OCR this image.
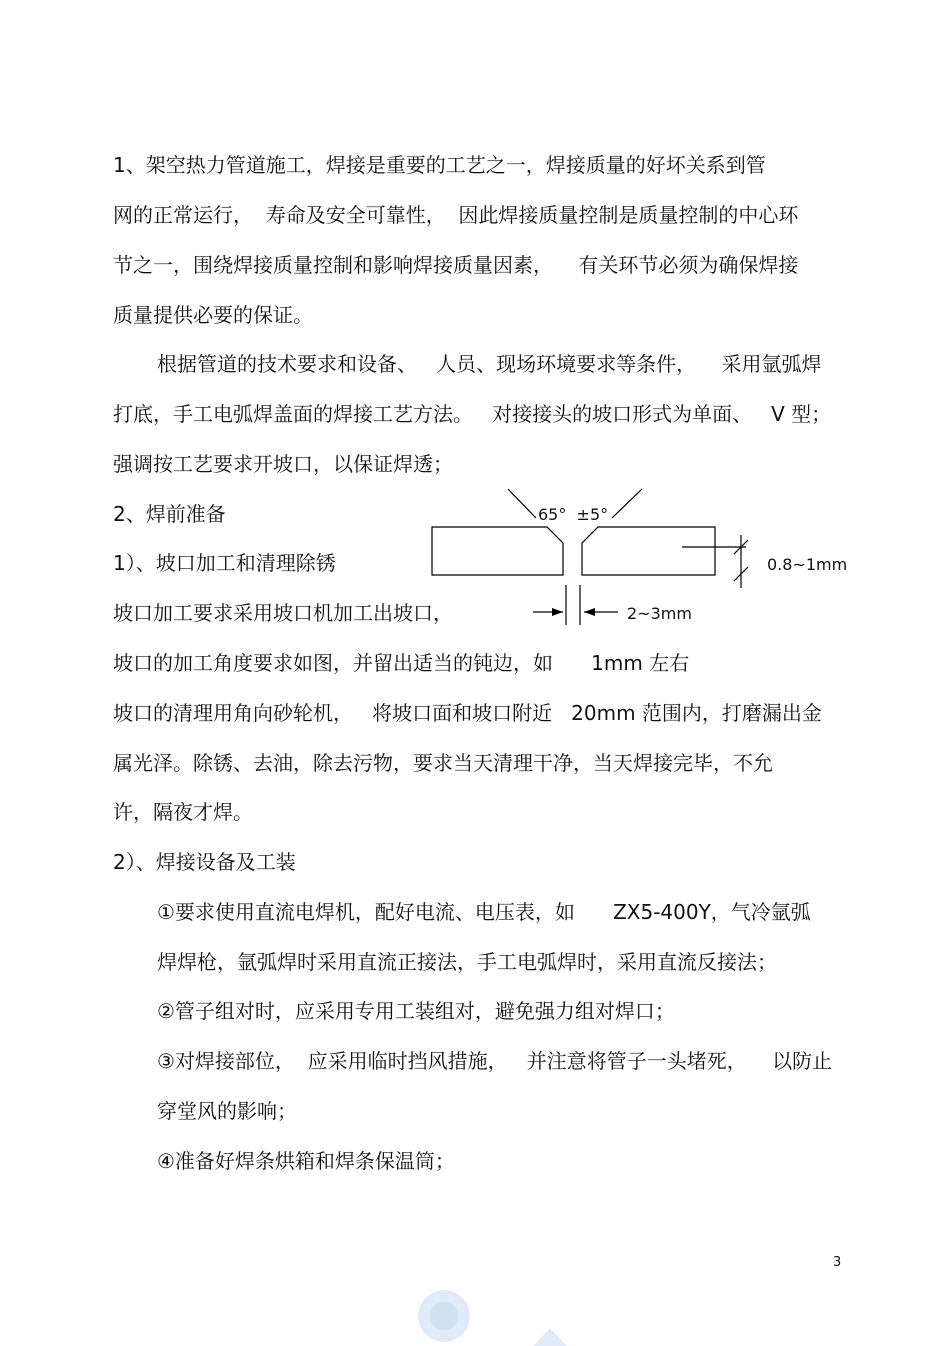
1、架空热力管道施工，焊接是重要的工艺之一，焊接质量的好坏关系到管
网的正常运行，  寿命及安全可靠性，  因此焊接质量控制是质量控制的中心环
节之一，围绕焊接质量控制和影响焊接质量因素，    有关环节必须为确保焊接
质量提供必要的保证。
根据管道的技术要求和设备、   人员、现场环境要求等条件，    采用氩弧焊
打底，手工电弧焊盖面的焊接工艺方法。   对接接头的坡口形式为单面、   V 型；
强调按工艺要求开坡口，以保证焊透；
2、焊前准备
1）、坡口加工和清理除锈
坡口加工要求采用坡口机加工出坡口，
坡口的加工角度要求如图，并留出适当的钝边，如      1mm 左右
坡口的清理用角向砂轮机，   将坡口面和坡口附近   20mm 范围内，打磨漏出金
属光泽。除锈、去油，除去污物，要求当天清理干净，当天焊接完毕，不允
许，隔夜才焊。
2）、焊接设备及工装
①要求使用直流电焊机，配好电流、电压表，如      ZX5-400Y，气冷氩弧
焊焊枪，氩弧焊时采用直流正接法，手工电弧焊时，采用直流反接法；
②管子组对时，应采用专用工装组对，避免强力组对焊口；
③对焊接部位，  应采用临时挡风措施，   并注意将管子一头堵死，    以防止
穿堂风的影响；
④准备好焊条烘箱和焊条保温筒；
65°  ±5°
0.8~1mm
2~3mm
3
